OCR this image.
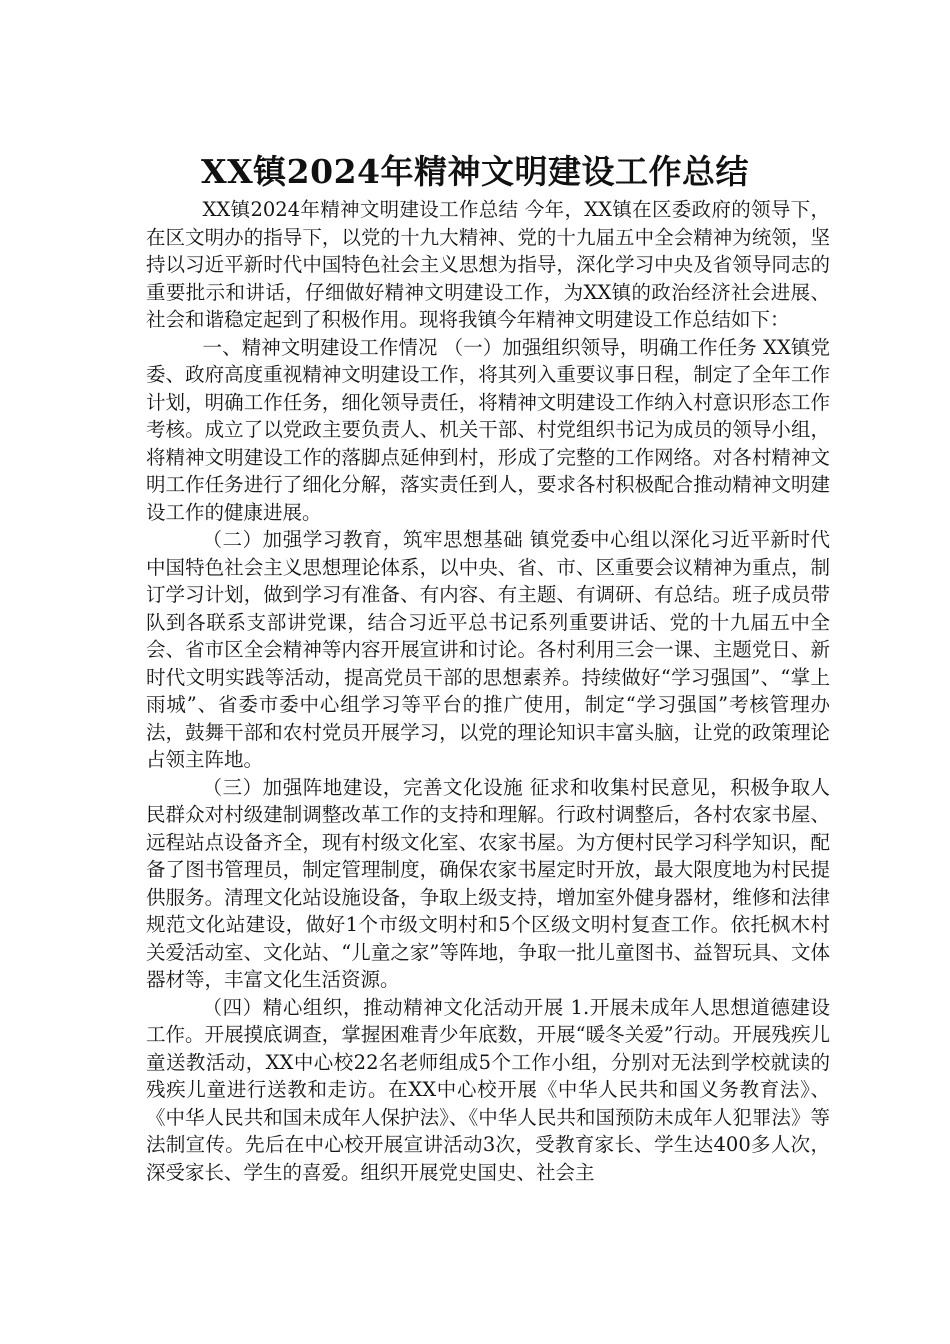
XX镇2024年精神文明建设工作总结

XX镇2024年精神文明建设工作总结 今年，XX镇在区委政府的领导下，在区文明办的指导下，以党的十九大精神、党的十九届五中全会精神为统领，坚持以习近平新时代中国特色社会主义思想为指导，深化学习中央及省领导同志的重要批示和讲话，仔细做好精神文明建设工作，为XX镇的政治经济社会进展、社会和谐稳定起到了积极作用。现将我镇今年精神文明建设工作总结如下：

一、精神文明建设工作情况 （一）加强组织领导，明确工作任务 XX镇党委、政府高度重视精神文明建设工作，将其列入重要议事日程，制定了全年工作计划，明确工作任务，细化领导责任，将精神文明建设工作纳入村意识形态工作考核。成立了以党政主要负责人、机关干部、村党组织书记为成员的领导小组，将精神文明建设工作的落脚点延伸到村，形成了完整的工作网络。对各村精神文明工作任务进行了细化分解，落实责任到人，要求各村积极配合推动精神文明建设工作的健康进展。

（二）加强学习教育，筑牢思想基础 镇党委中心组以深化习近平新时代中国特色社会主义思想理论体系，以中央、省、市、区重要会议精神为重点，制订学习计划，做到学习有准备、有内容、有主题、有调研、有总结。班子成员带队到各联系支部讲党课，结合习近平总书记系列重要讲话、党的十九届五中全会、省市区全会精神等内容开展宣讲和讨论。各村利用三会一课、主题党日、新时代文明实践等活动，提高党员干部的思想素养。持续做好“学习强国”、“掌上雨城”、省委市委中心组学习等平台的推广使用，制定“学习强国”考核管理办法，鼓舞干部和农村党员开展学习，以党的理论知识丰富头脑，让党的政策理论占领主阵地。

（三）加强阵地建设，完善文化设施 征求和收集村民意见，积极争取人民群众对村级建制调整改革工作的支持和理解。行政村调整后，各村农家书屋、远程站点设备齐全，现有村级文化室、农家书屋。为方便村民学习科学知识，配备了图书管理员，制定管理制度，确保农家书屋定时开放，最大限度地为村民提供服务。清理文化站设施设备，争取上级支持，增加室外健身器材，维修和法律规范文化站建设，做好1个市级文明村和5个区级文明村复查工作。依托枫木村关爱活动室、文化站、“儿童之家”等阵地，争取一批儿童图书、益智玩具、文体器材等，丰富文化生活资源。

（四）精心组织，推动精神文化活动开展 1.开展未成年人思想道德建设工作。开展摸底调查，掌握困难青少年底数，开展“暖冬关爱”行动。开展残疾儿童送教活动，XX中心校22名老师组成5个工作小组，分别对无法到学校就读的残疾儿童进行送教和走访。在XX中心校开展《中华人民共和国义务教育法》、《中华人民共和国未成年人保护法》、《中华人民共和国预防未成年人犯罪法》等法制宣传。先后在中心校开展宣讲活动3次，受教育家长、学生达400多人次，深受家长、学生的喜爱。组织开展党史国史、社会主
